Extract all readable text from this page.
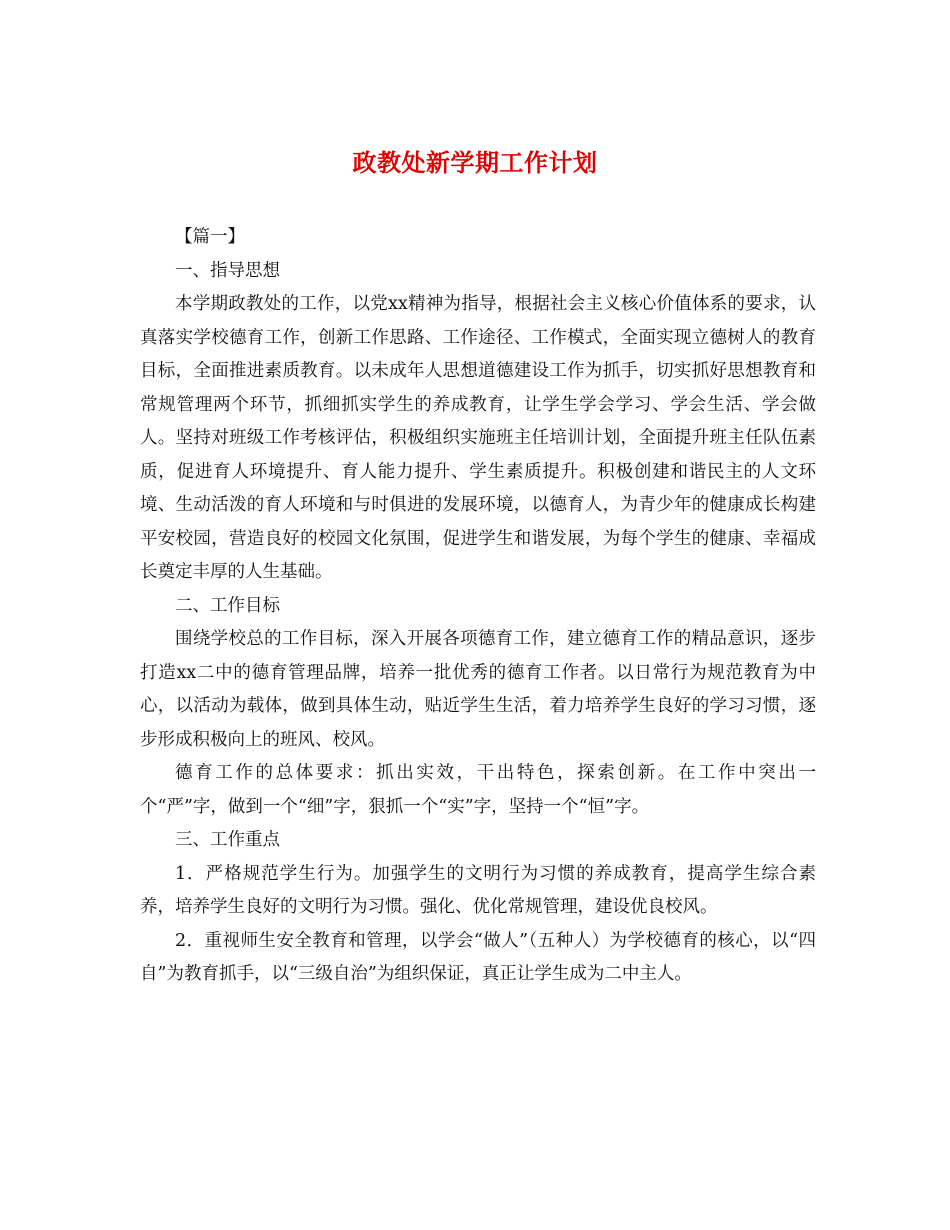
政教处新学期工作计划

【篇一】

一、指导思想

本学期政教处的工作，以党xx精神为指导，根据社会主义核心价值体系的要求，认真落实学校德育工作，创新工作思路、工作途径、工作模式，全面实现立德树人的教育目标，全面推进素质教育。以未成年人思想道德建设工作为抓手，切实抓好思想教育和常规管理两个环节，抓细抓实学生的养成教育，让学生学会学习、学会生活、学会做人。坚持对班级工作考核评估，积极组织实施班主任培训计划，全面提升班主任队伍素质，促进育人环境提升、育人能力提升、学生素质提升。积极创建和谐民主的人文环境、生动活泼的育人环境和与时俱进的发展环境，以德育人，为青少年的健康成长构建平安校园，营造良好的校园文化氛围，促进学生和谐发展，为每个学生的健康、幸福成长奠定丰厚的人生基础。

二、工作目标

围绕学校总的工作目标，深入开展各项德育工作，建立德育工作的精品意识，逐步打造xx二中的德育管理品牌，培养一批优秀的德育工作者。以日常行为规范教育为中心，以活动为载体，做到具体生动，贴近学生生活，着力培养学生良好的学习习惯，逐步形成积极向上的班风、校风。

德育工作的总体要求：抓出实效，干出特色，探索创新。在工作中突出一个“严”字，做到一个“细”字，狠抓一个“实”字，坚持一个“恒”字。

三、工作重点

1．严格规范学生行为。加强学生的文明行为习惯的养成教育，提高学生综合素养，培养学生良好的文明行为习惯。强化、优化常规管理，建设优良校风。

2．重视师生安全教育和管理，以学会“做人”（五种人）为学校德育的核心，以“四自”为教育抓手，以“三级自治”为组织保证，真正让学生成为二中主人。
